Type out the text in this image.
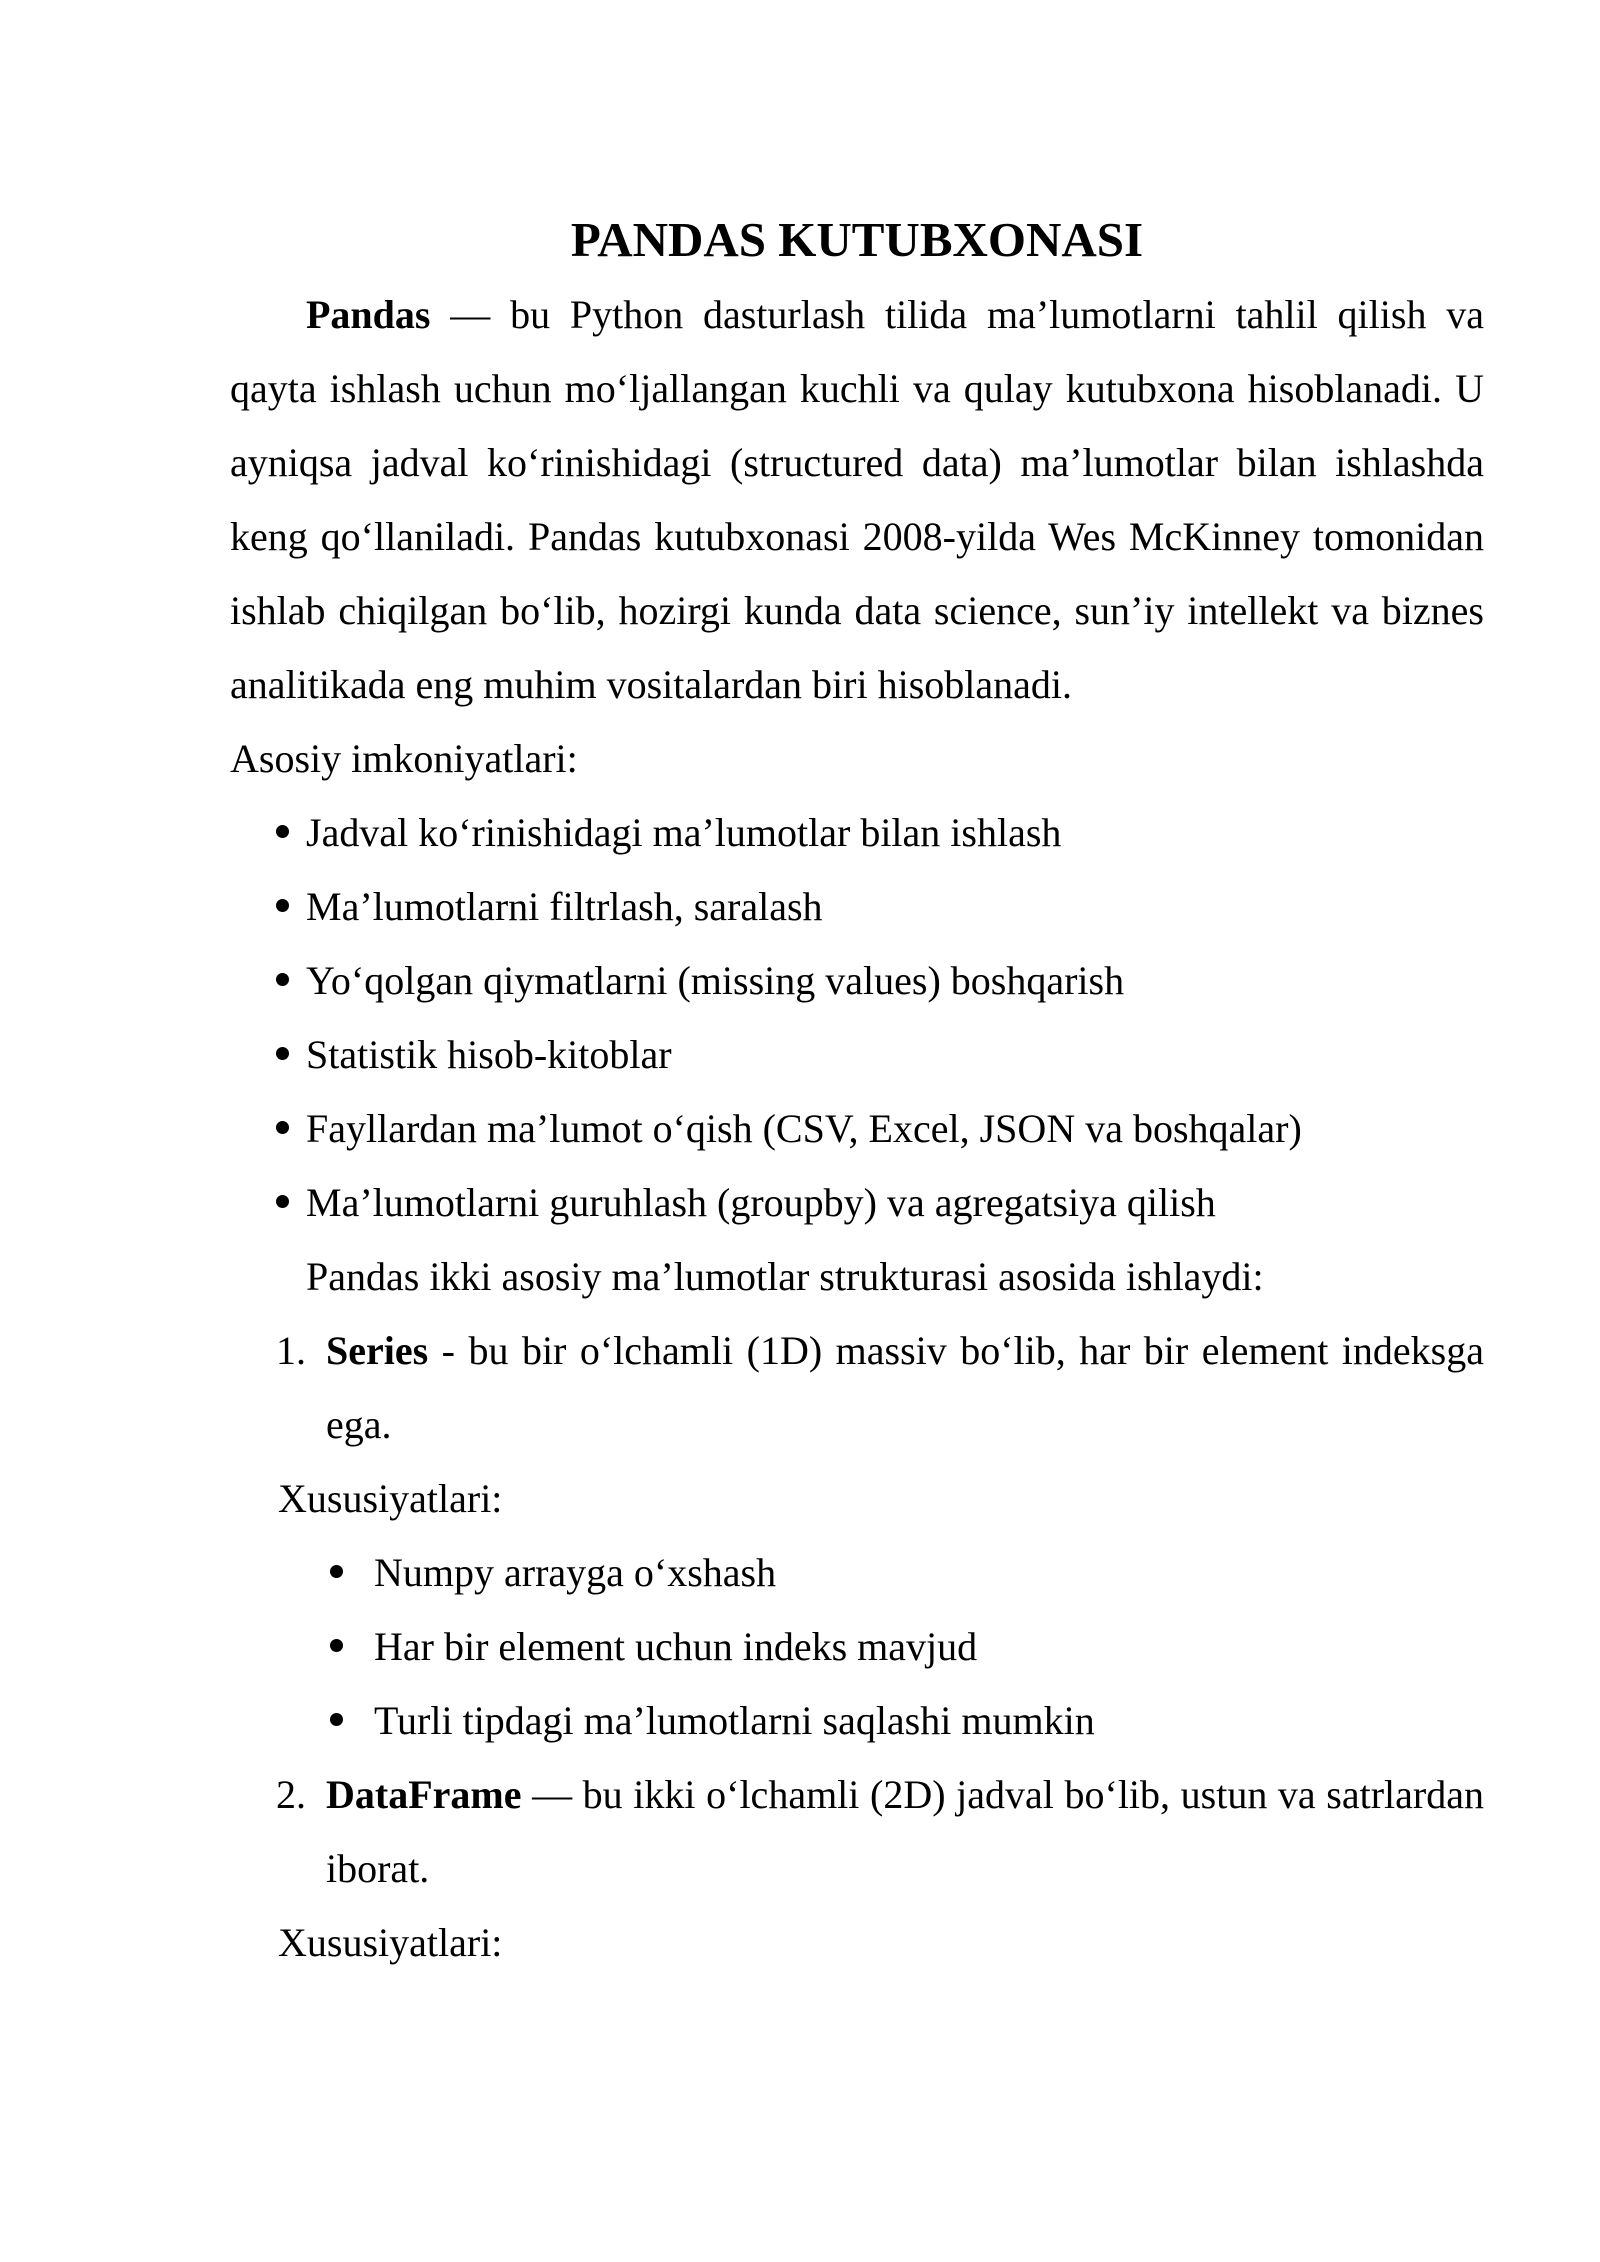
PANDAS KUTUBXONASI

Pandas — bu Python dasturlash tilida ma’lumotlarni tahlil qilish va qayta ishlash uchun mo‘ljallangan kuchli va qulay kutubxona hisoblanadi. U ayniqsa jadval ko‘rinishidagi (structured data) ma’lumotlar bilan ishlashda keng qo‘llaniladi. Pandas kutubxonasi 2008-yilda Wes McKinney tomonidan ishlab chiqilgan bo‘lib, hozirgi kunda data science, sun’iy intellekt va biznes analitikada eng muhim vositalardan biri hisoblanadi.

Asosiy imkoniyatlari:

Jadval ko‘rinishidagi ma’lumotlar bilan ishlash
Ma’lumotlarni filtrlash, saralash
Yo‘qolgan qiymatlarni (missing values) boshqarish
Statistik hisob-kitoblar
Fayllardan ma’lumot o‘qish (CSV, Excel, JSON va boshqalar)
Ma’lumotlarni guruhlash (groupby) va agregatsiya qilish

Pandas ikki asosiy ma’lumotlar strukturasi asosida ishlaydi:

1. Series - bu bir o‘lchamli (1D) massiv bo‘lib, har bir element indeksga ega.

Xususiyatlari:

Numpy arrayga o‘xshash
Har bir element uchun indeks mavjud
Turli tipdagi ma’lumotlarni saqlashi mumkin

2. DataFrame — bu ikki o‘lchamli (2D) jadval bo‘lib, ustun va satrlardan iborat.

Xususiyatlari:
